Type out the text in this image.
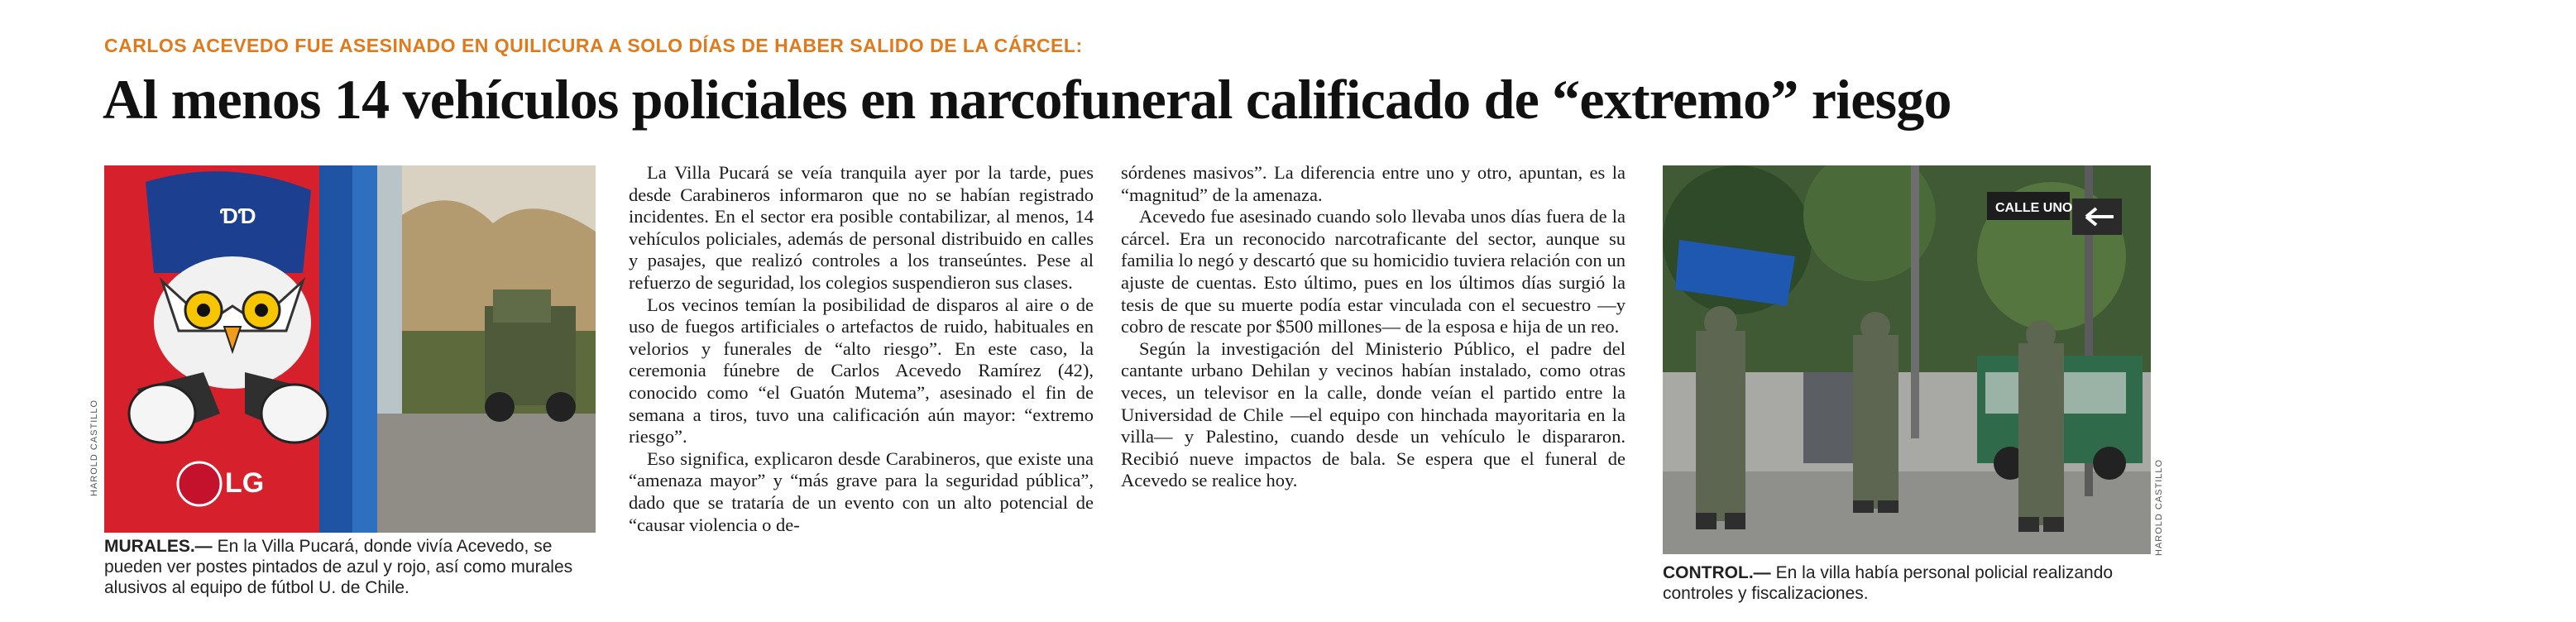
CARLOS ACEVEDO FUE ASESINADO EN QUILICURA A SOLO DÍAS DE HABER SALIDO DE LA CÁRCEL:
Al menos 14 vehículos policiales en narcofuneral calificado de “extremo” riesgo
ƊƊ
LG
HAROLD CASTILLO
MURALES.— En la Villa Pucará, donde vivía Acevedo, se pueden ver postes pintados de azul y rojo, así como murales alusivos al equipo de fútbol U. de Chile.

La Villa Pucará se veía tranquila ayer por la tarde, pues desde Carabineros informaron que no se habían registrado incidentes. En el sector era posible contabilizar, al menos, 14 vehículos policiales, además de personal distribuido en calles y pasajes, que realizó controles a los transeúntes. Pese al refuerzo de seguridad, los colegios suspendieron sus clases.

Los vecinos temían la posibilidad de disparos al aire o de uso de fuegos artificiales o artefactos de ruido, habituales en velorios y funerales de “alto riesgo”. En este caso, la ceremonia fúnebre de Carlos Acevedo Ramírez (42), conocido como “el Guatón Mutema”, asesinado el fin de semana a tiros, tuvo una calificación aún mayor: “extremo riesgo”.

Eso significa, explicaron desde Carabineros, que existe una “amenaza mayor” y “más grave para la seguridad pública”, dado que se trataría de un evento con un alto potencial de “causar violencia o de-

sórdenes masivos”. La diferencia entre uno y otro, apuntan, es la “magnitud” de la amenaza.

Acevedo fue asesinado cuando solo llevaba unos días fuera de la cárcel. Era un reconocido narcotraficante del sector, aunque su familia lo negó y descartó que su homicidio tuviera relación con un ajuste de cuentas. Esto último, pues en los últimos días surgió la tesis de que su muerte podía estar vinculada con el secuestro —y cobro de rescate por $500 millones— de la esposa e hija de un reo.

Según la investigación del Ministerio Público, el padre del cantante urbano Dehilan y vecinos habían instalado, como otras veces, un televisor en la calle, donde veían el partido entre la Universidad de Chile —el equipo con hinchada mayoritaria en la villa— y Palestino, cuando desde un vehículo le dispararon. Recibió nueve impactos de bala. Se espera que el funeral de Acevedo se realice hoy.

CALLE UNO
HAROLD CASTILLO
CONTROL.— En la villa había personal policial realizando controles y fiscalizaciones.
